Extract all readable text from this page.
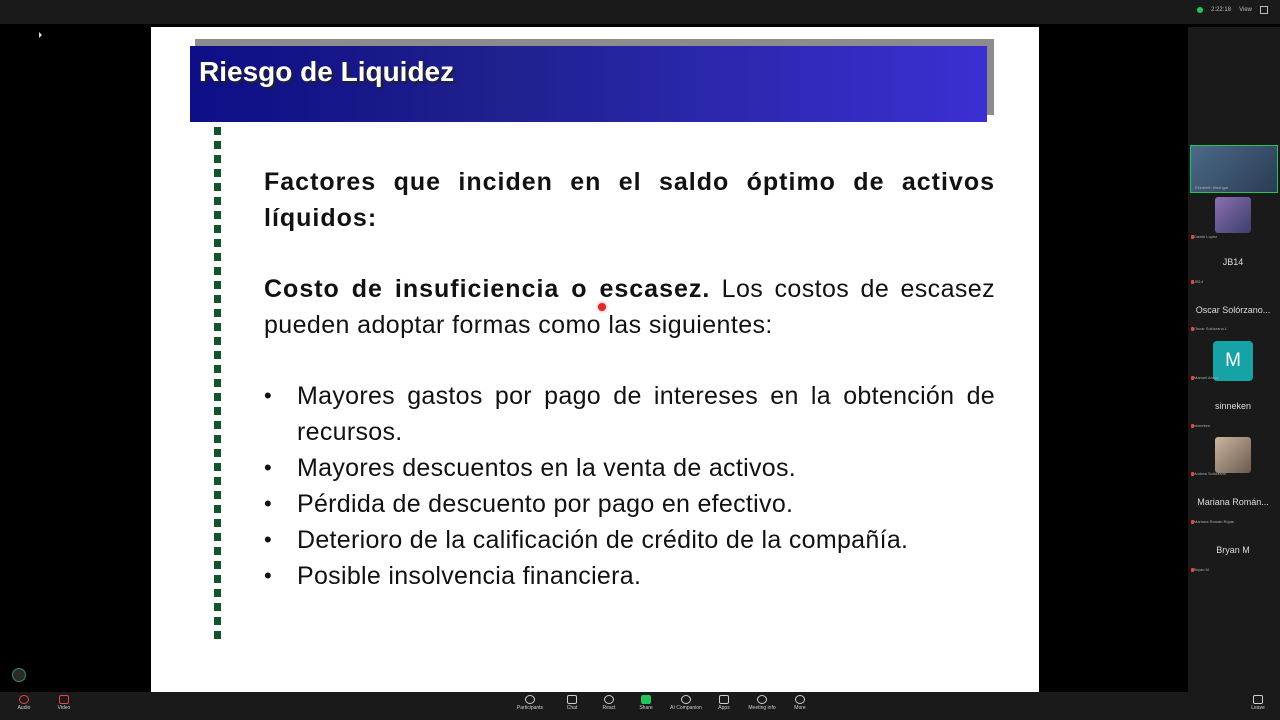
2:22:18 View
Riesgo de Liquidez

Factores que inciden en el saldo óptimo de activos líquidos:

Costo de insuficiencia o escasez. Los costos de escasez pueden adoptar formas como las siguientes:

• Mayores gastos por pago de intereses en la obtención de recursos.
• Mayores descuentos en la venta de activos.
• Pérdida de descuento por pago en efectivo.
• Deterioro de la calificación de crédito de la compañía.
• Posible insolvencia financiera.
Elizabeth Madrigal
Dawin Lopez
JB14
JB14
Oscar Solórzano...
Oscar Solórzano L
M
Manuel Araya
sinneken
sinneken
Andrea Solórzano
Mariana Román...
Mariana Román Rojas
Bryan M
Bryan M
Audio	Video	Participants	Chat	React	Share	AI Companion	Apps	Meeting info	More	Leave
